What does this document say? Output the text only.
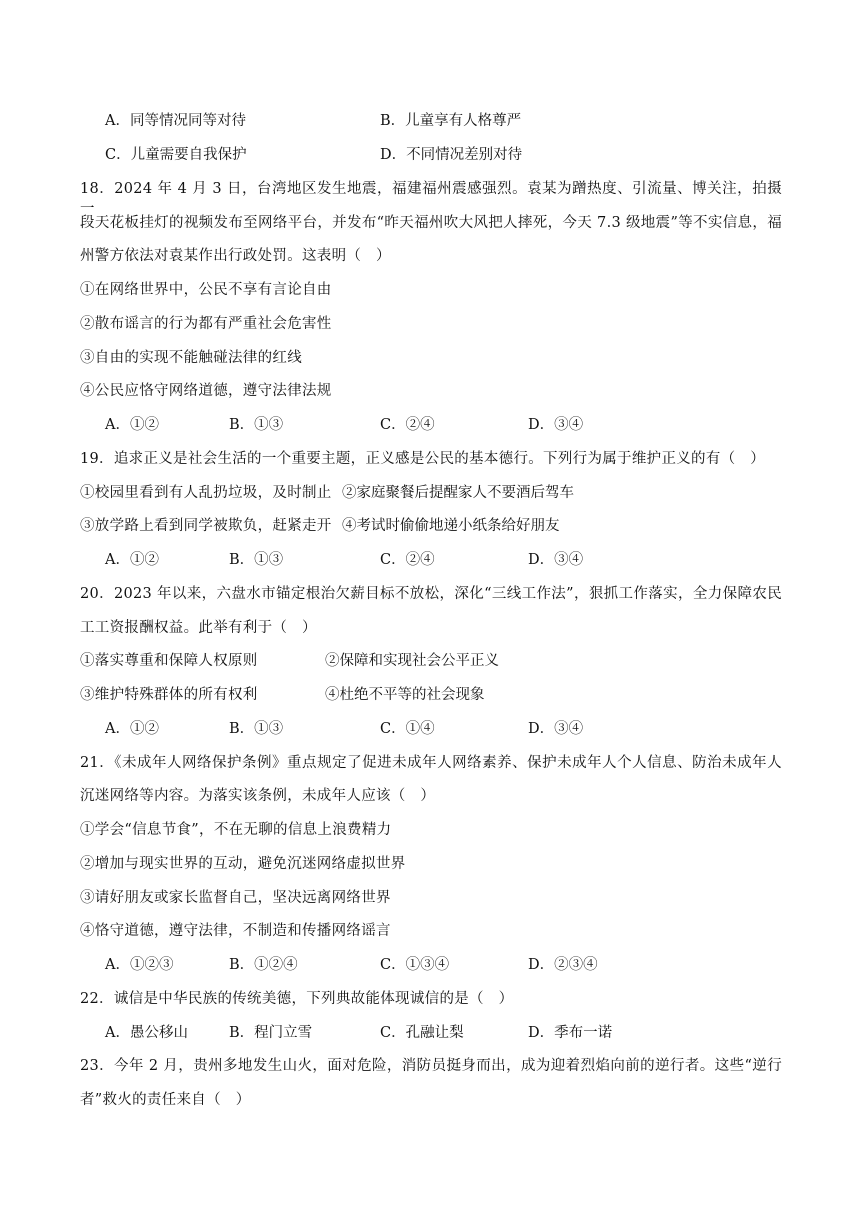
A．同等情况同等对待	B．儿童享有人格尊严
C．儿童需要自我保护	D．不同情况差别对待
18．2024 年 4 月 3 日，台湾地区发生地震，福建福州震感强烈。袁某为蹭热度、引流量、博关注，拍摄一
段天花板挂灯的视频发布至网络平台，并发布“昨天福州吹大风把人摔死，今天 7.3 级地震”等不实信息，福
州警方依法对袁某作出行政处罚。这表明（　）
①在网络世界中，公民不享有言论自由
②散布谣言的行为都有严重社会危害性
③自由的实现不能触碰法律的红线
④公民应恪守网络道德，遵守法律法规
A．①②	B．①③	C．②④	D．③④
19．追求正义是社会生活的一个重要主题，正义感是公民的基本德行。下列行为属于维护正义的有（　）
①校园里看到有人乱扔垃圾，及时制止 ②家庭聚餐后提醒家人不要酒后驾车
③放学路上看到同学被欺负，赶紧走开 ④考试时偷偷地递小纸条给好朋友
A．①②	B．①③	C．②④	D．③④
20．2023 年以来，六盘水市锚定根治欠薪目标不放松，深化“三线工作法”，狠抓工作落实，全力保障农民
工工资报酬权益。此举有利于（　）
①落实尊重和保障人权原则	②保障和实现社会公平正义
③维护特殊群体的所有权利	④杜绝不平等的社会现象
A．①②	B．①③	C．①④	D．③④
21．《未成年人网络保护条例》重点规定了促进未成年人网络素养、保护未成年人个人信息、防治未成年人
沉迷网络等内容。为落实该条例，未成年人应该（　）
①学会“信息节食”，不在无聊的信息上浪费精力
②增加与现实世界的互动，避免沉迷网络虚拟世界
③请好朋友或家长监督自己，坚决远离网络世界
④恪守道德，遵守法律，不制造和传播网络谣言
A．①②③	B．①②④	C．①③④	D．②③④
22．诚信是中华民族的传统美德，下列典故能体现诚信的是（　）
A．愚公移山	B．程门立雪	C．孔融让梨	D．季布一诺
23．今年 2 月，贵州多地发生山火，面对危险，消防员挺身而出，成为迎着烈焰向前的逆行者。这些“逆行
者”救火的责任来自（　）
